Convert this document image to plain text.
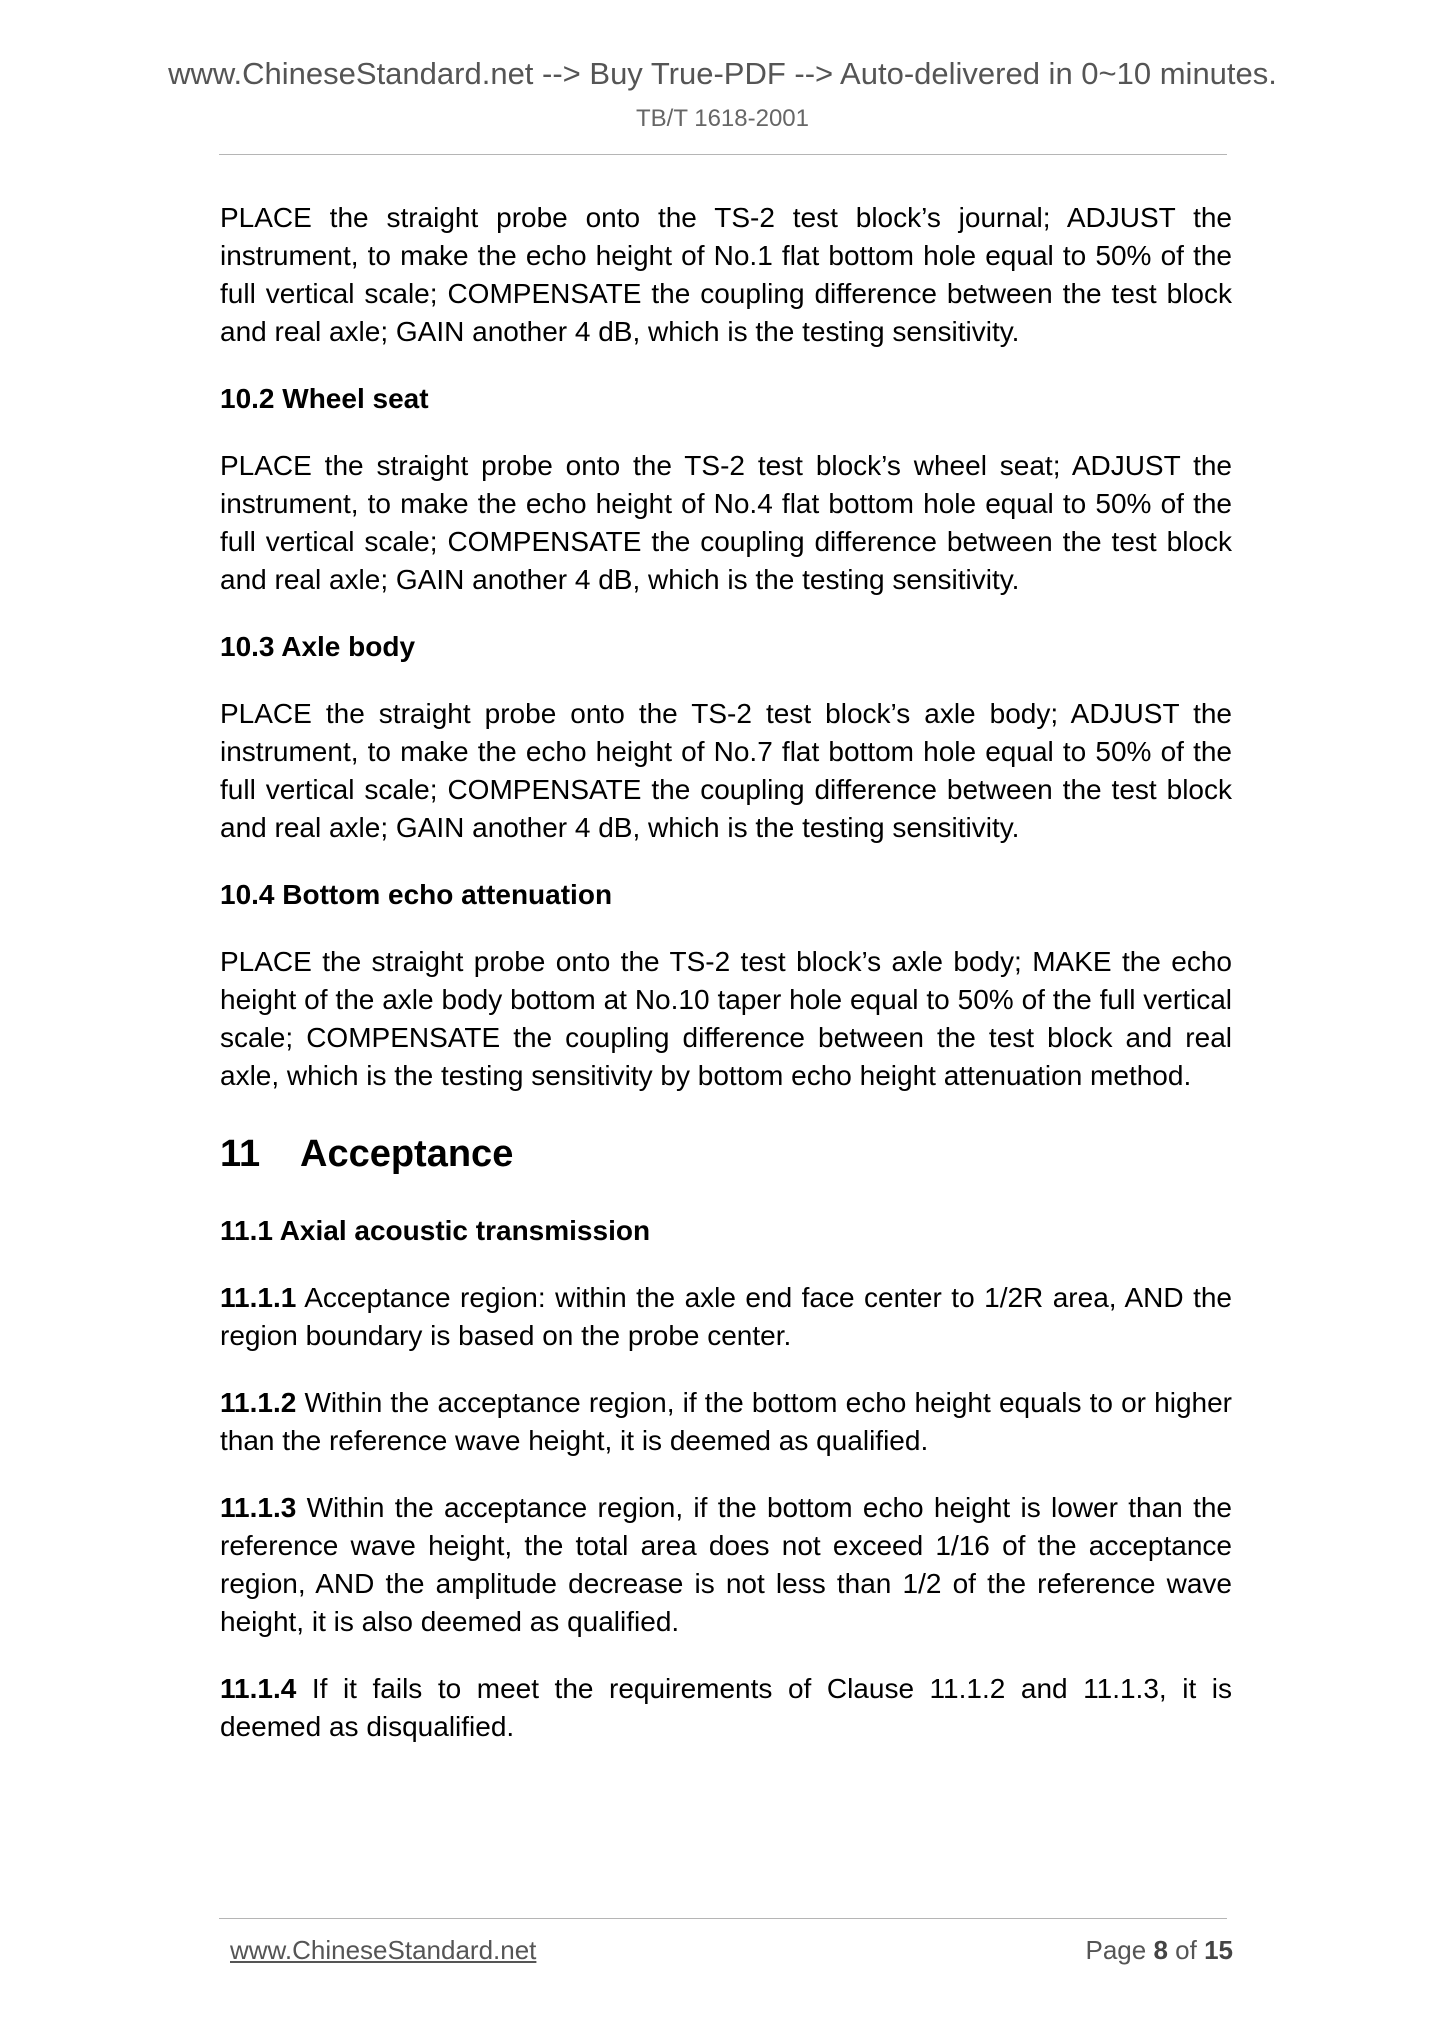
www.ChineseStandard.net --> Buy True-PDF --> Auto-delivered in 0~10 minutes.
TB/T 1618-2001

PLACE the straight probe onto the TS-2 test block’s journal; ADJUST the instrument, to make the echo height of No.1 flat bottom hole equal to 50% of the full vertical scale; COMPENSATE the coupling difference between the test block and real axle; GAIN another 4 dB, which is the testing sensitivity.

10.2 Wheel seat

PLACE the straight probe onto the TS-2 test block’s wheel seat; ADJUST the instrument, to make the echo height of No.4 flat bottom hole equal to 50% of the full vertical scale; COMPENSATE the coupling difference between the test block and real axle; GAIN another 4 dB, which is the testing sensitivity.

10.3 Axle body

PLACE the straight probe onto the TS-2 test block’s axle body; ADJUST the instrument, to make the echo height of No.7 flat bottom hole equal to 50% of the full vertical scale; COMPENSATE the coupling difference between the test block and real axle; GAIN another 4 dB, which is the testing sensitivity.

10.4 Bottom echo attenuation

PLACE the straight probe onto the TS-2 test block’s axle body; MAKE the echo height of the axle body bottom at No.10 taper hole equal to 50% of the full vertical scale; COMPENSATE the coupling difference between the test block and real axle, which is the testing sensitivity by bottom echo height attenuation method.

11 Acceptance
11.1 Axial acoustic transmission

11.1.1 Acceptance region: within the axle end face center to 1/2R area, AND the region boundary is based on the probe center.

11.1.2 Within the acceptance region, if the bottom echo height equals to or higher than the reference wave height, it is deemed as qualified.

11.1.3 Within the acceptance region, if the bottom echo height is lower than the reference wave height, the total area does not exceed 1/16 of the acceptance region, AND the amplitude decrease is not less than 1/2 of the reference wave height, it is also deemed as qualified.

11.1.4 If it fails to meet the requirements of Clause 11.1.2 and 11.1.3, it is deemed as disqualified.

www.ChineseStandard.net	Page 8 of 15
